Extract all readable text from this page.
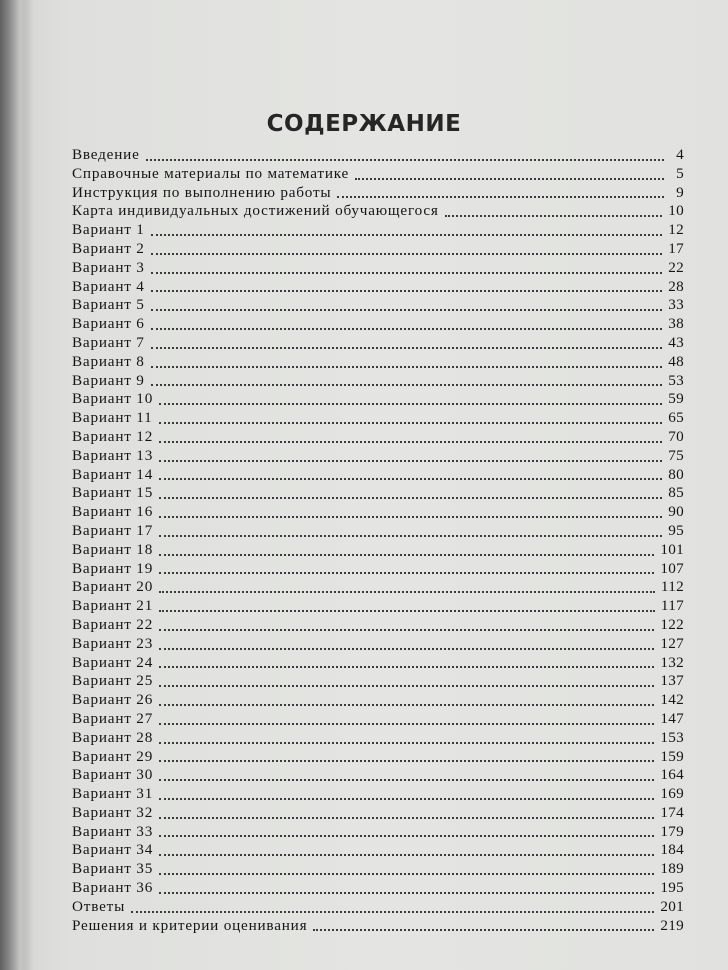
СОДЕРЖАНИЕ
Введение	4
Справочные материалы по математике	5
Инструкция по выполнению работы	9
Карта индивидуальных достижений обучающегося	10
Вариант 1	12
Вариант 2	17
Вариант 3	22
Вариант 4	28
Вариант 5	33
Вариант 6	38
Вариант 7	43
Вариант 8	48
Вариант 9	53
Вариант 10	59
Вариант 11	65
Вариант 12	70
Вариант 13	75
Вариант 14	80
Вариант 15	85
Вариант 16	90
Вариант 17	95
Вариант 18	101
Вариант 19	107
Вариант 20	112
Вариант 21	117
Вариант 22	122
Вариант 23	127
Вариант 24	132
Вариант 25	137
Вариант 26	142
Вариант 27	147
Вариант 28	153
Вариант 29	159
Вариант 30	164
Вариант 31	169
Вариант 32	174
Вариант 33	179
Вариант 34	184
Вариант 35	189
Вариант 36	195
Ответы	201
Решения и критерии оценивания	219
